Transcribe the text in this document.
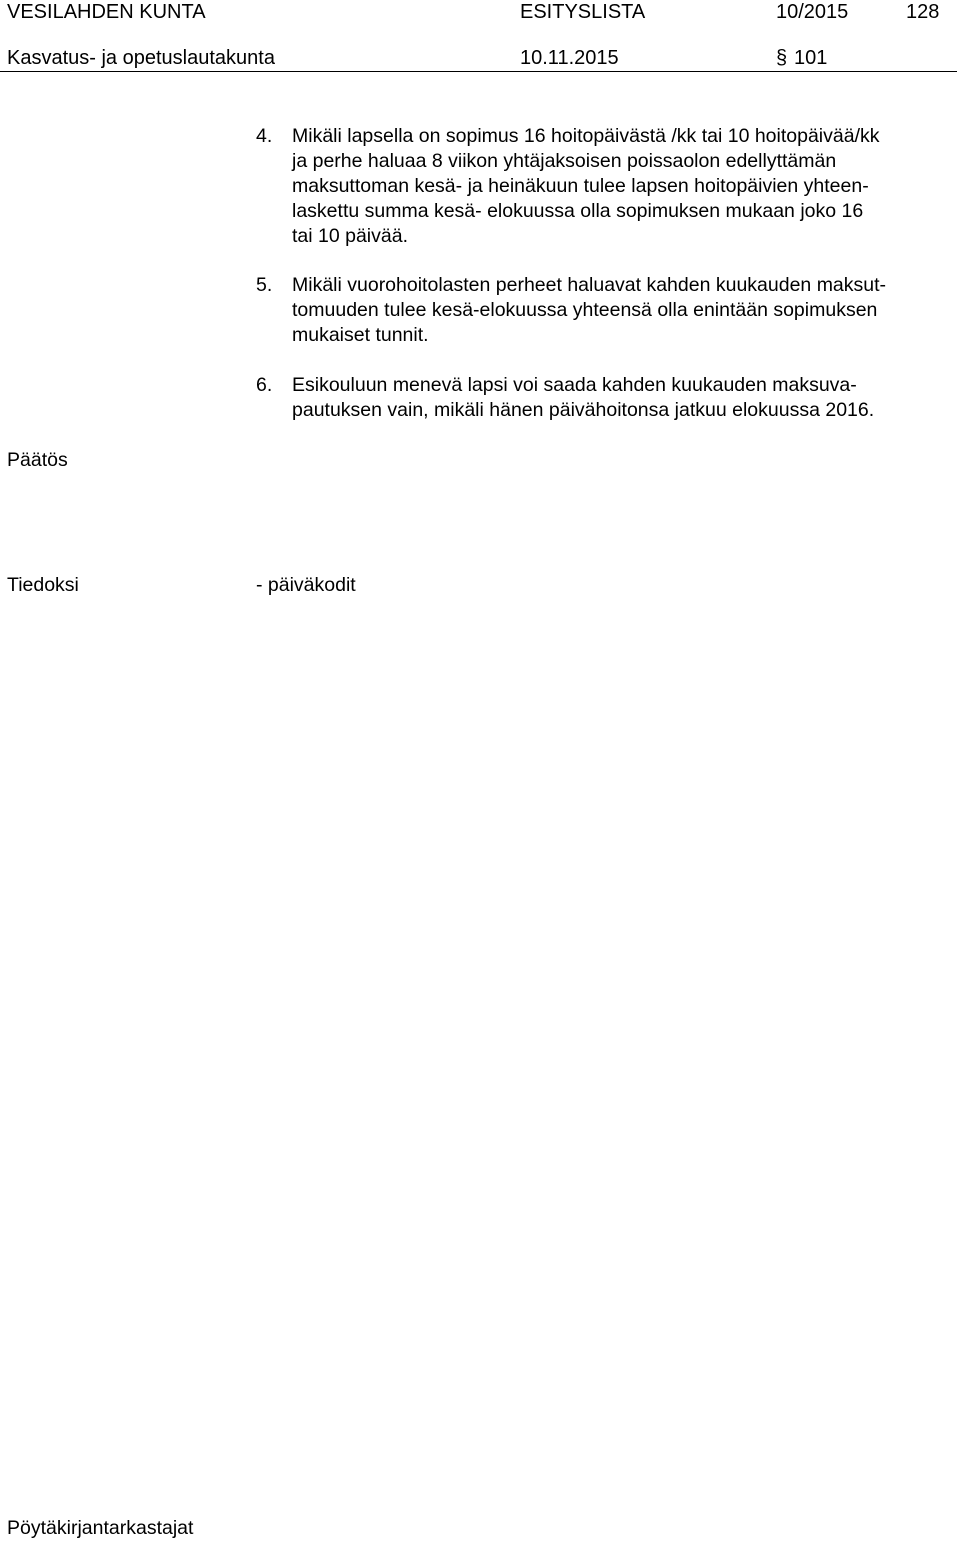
VESILAHDEN KUNTA	ESITYSLISTA	10/2015	128
Kasvatus- ja opetuslautakunta	10.11.2015	§ 101
4. Mikäli lapsella on sopimus 16 hoitopäivästä /kk tai 10 hoitopäivää/kk
ja perhe haluaa 8 viikon yhtäjaksoisen poissaolon edellyttämän
maksuttoman kesä- ja heinäkuun tulee lapsen hoitopäivien yhteen-
laskettu summa kesä- elokuussa olla sopimuksen mukaan joko 16
tai 10 päivää.
5. Mikäli vuorohoitolasten perheet haluavat kahden kuukauden maksut-
tomuuden tulee kesä-elokuussa yhteensä olla enintään sopimuksen
mukaiset tunnit.
6. Esikouluun menevä lapsi voi saada kahden kuukauden maksuva-
pautuksen vain, mikäli hänen päivähoitonsa jatkuu elokuussa 2016.
Päätös
Tiedoksi	- päiväkodit
Pöytäkirjantarkastajat
